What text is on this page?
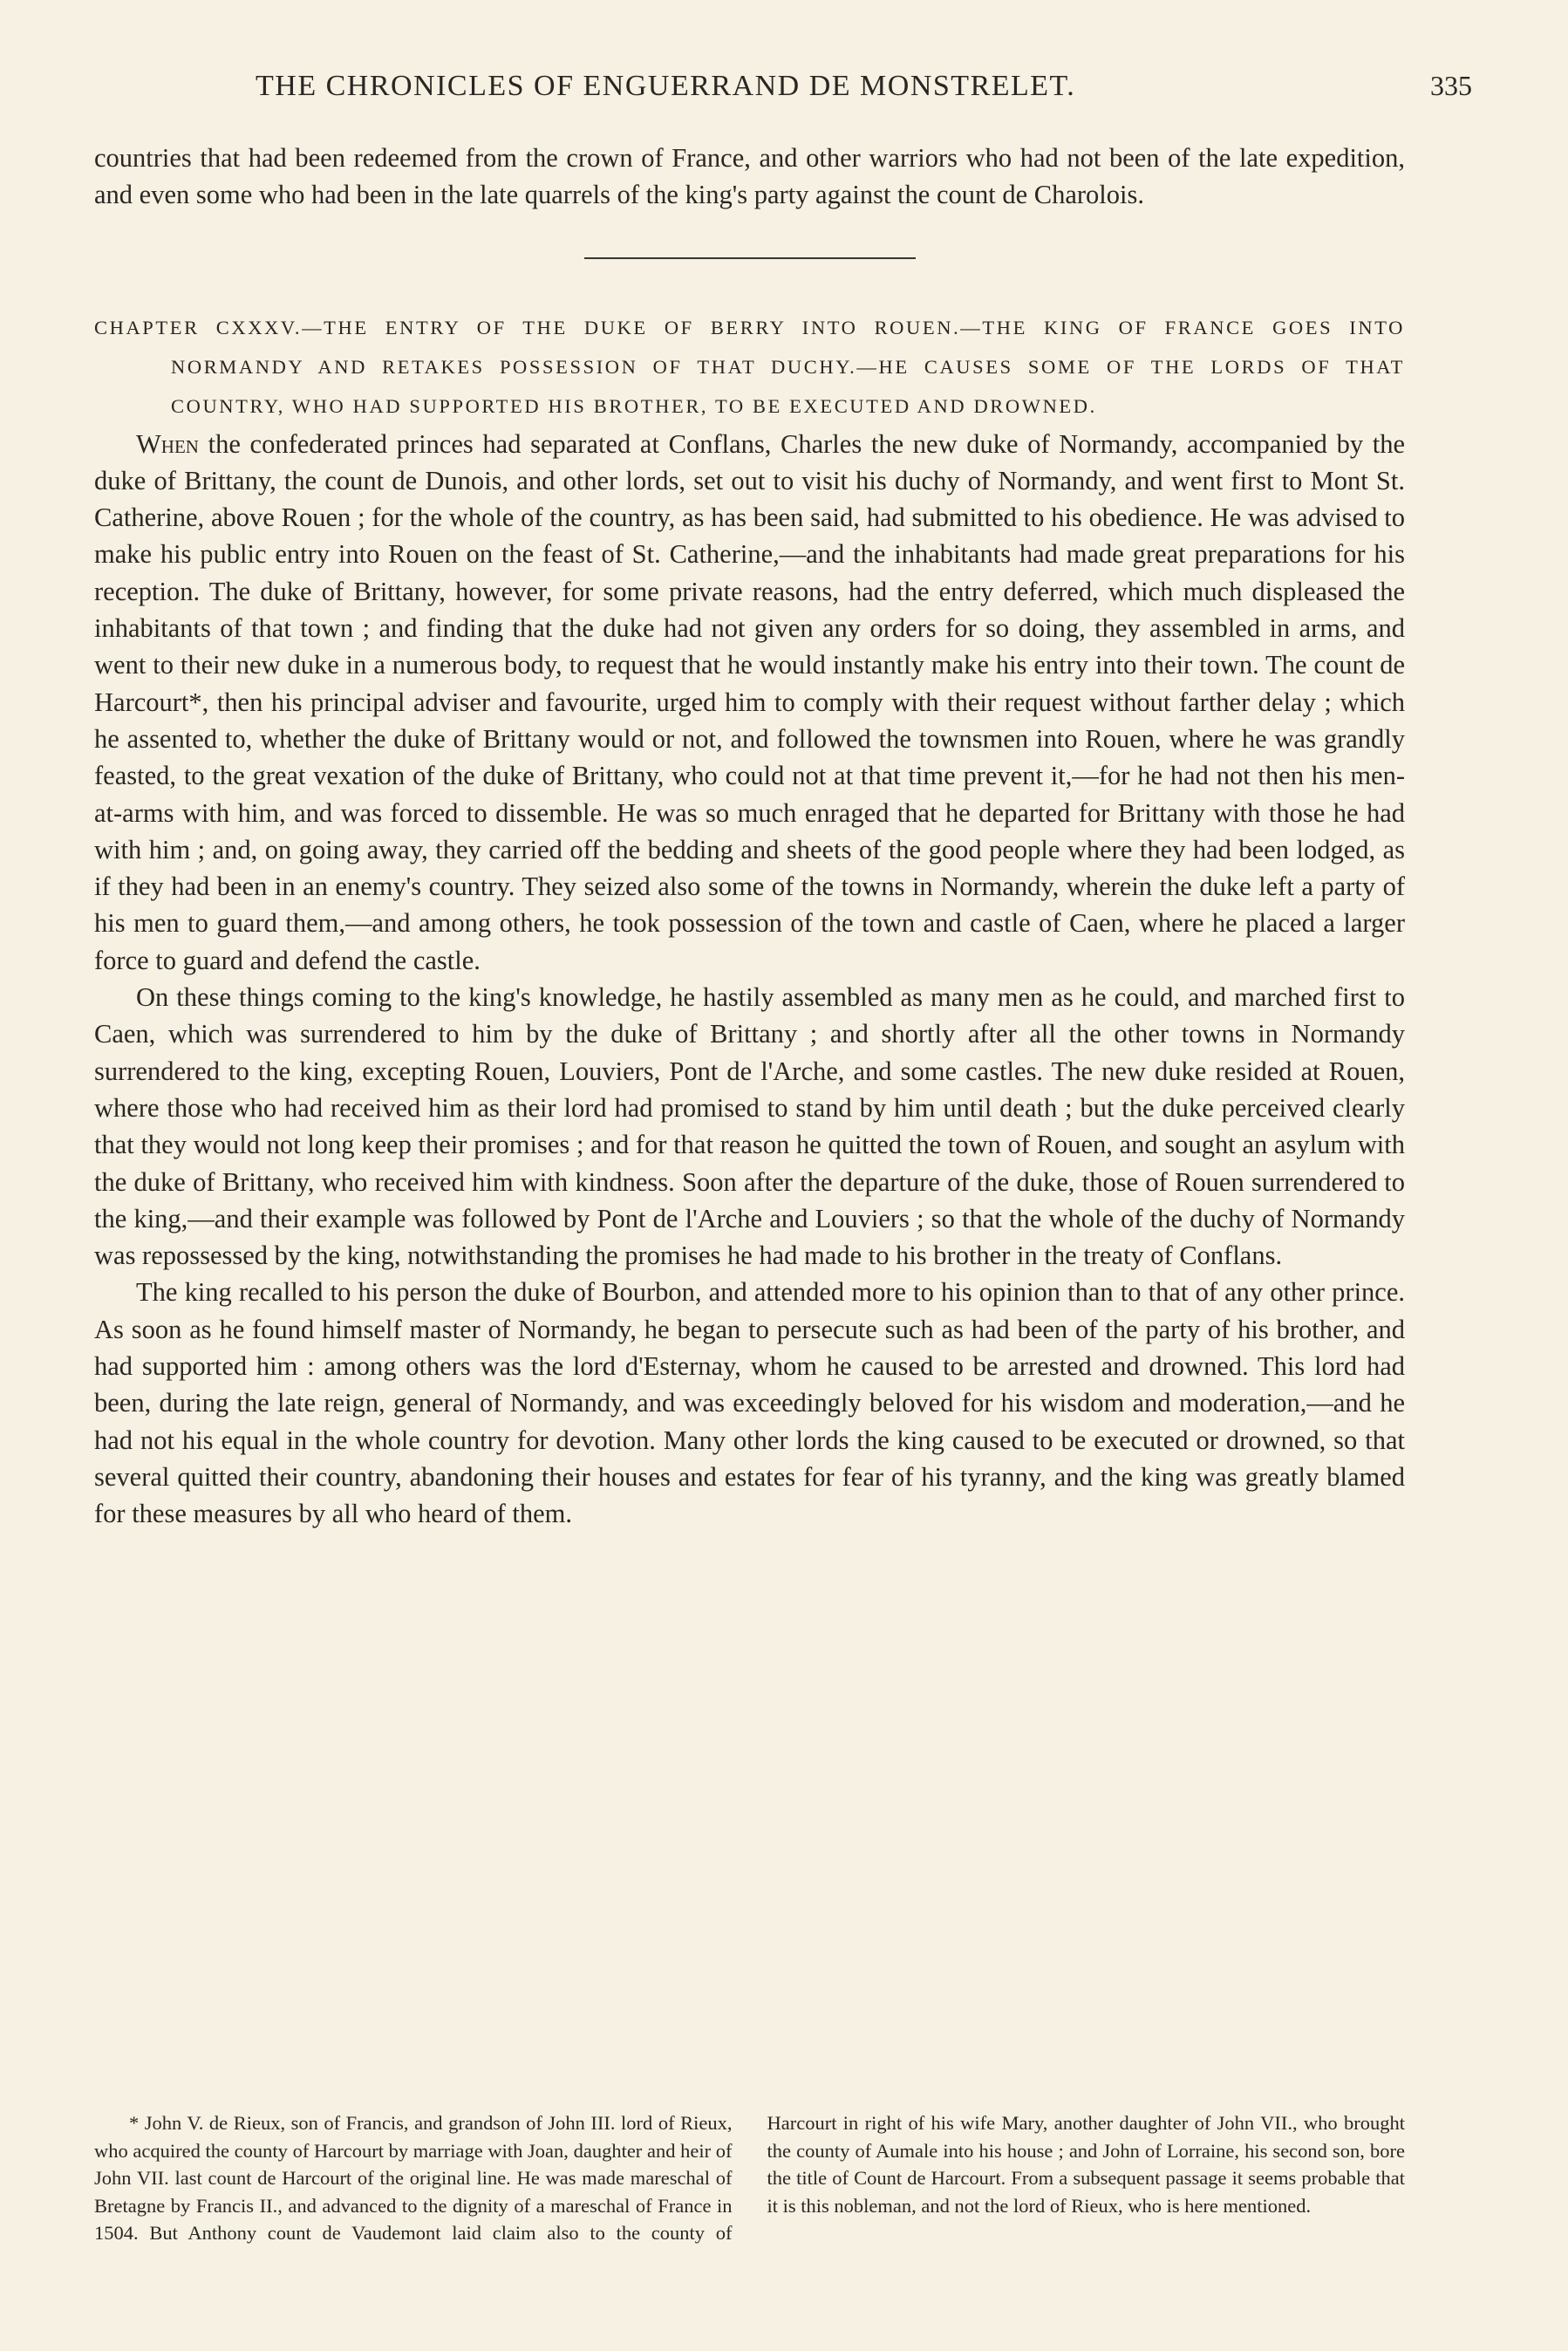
THE CHRONICLES OF ENGUERRAND DE MONSTRELET.	335

countries that had been redeemed from the crown of France, and other warriors who had not been of the late expedition, and even some who had been in the late quarrels of the king's party against the count de Charolois.

CHAPTER CXXXV.—THE ENTRY OF THE DUKE OF BERRY INTO ROUEN.—THE KING OF FRANCE GOES INTO NORMANDY AND RETAKES POSSESSION OF THAT DUCHY.—HE CAUSES SOME OF THE LORDS OF THAT COUNTRY, WHO HAD SUPPORTED HIS BROTHER, TO BE EXECUTED AND DROWNED.

When the confederated princes had separated at Conflans, Charles the new duke of Normandy, accompanied by the duke of Brittany, the count de Dunois, and other lords, set out to visit his duchy of Normandy, and went first to Mont St. Catherine, above Rouen ; for the whole of the country, as has been said, had submitted to his obedience. He was advised to make his public entry into Rouen on the feast of St. Catherine,—and the inhabitants had made great preparations for his reception. The duke of Brittany, however, for some private reasons, had the entry deferred, which much displeased the inhabitants of that town ; and finding that the duke had not given any orders for so doing, they assembled in arms, and went to their new duke in a numerous body, to request that he would instantly make his entry into their town. The count de Harcourt*, then his principal adviser and favourite, urged him to comply with their request without farther delay ; which he assented to, whether the duke of Brittany would or not, and followed the townsmen into Rouen, where he was grandly feasted, to the great vexation of the duke of Brittany, who could not at that time prevent it,—for he had not then his men-at-arms with him, and was forced to dissemble. He was so much enraged that he departed for Brittany with those he had with him ; and, on going away, they carried off the bedding and sheets of the good people where they had been lodged, as if they had been in an enemy's country. They seized also some of the towns in Normandy, wherein the duke left a party of his men to guard them,—and among others, he took possession of the town and castle of Caen, where he placed a larger force to guard and defend the castle.

On these things coming to the king's knowledge, he hastily assembled as many men as he could, and marched first to Caen, which was surrendered to him by the duke of Brittany ; and shortly after all the other towns in Normandy surrendered to the king, excepting Rouen, Louviers, Pont de l'Arche, and some castles. The new duke resided at Rouen, where those who had received him as their lord had promised to stand by him until death ; but the duke perceived clearly that they would not long keep their promises ; and for that reason he quitted the town of Rouen, and sought an asylum with the duke of Brittany, who received him with kindness. Soon after the departure of the duke, those of Rouen surrendered to the king,—and their example was followed by Pont de l'Arche and Louviers ; so that the whole of the duchy of Normandy was repossessed by the king, notwithstanding the promises he had made to his brother in the treaty of Conflans.

The king recalled to his person the duke of Bourbon, and attended more to his opinion than to that of any other prince. As soon as he found himself master of Normandy, he began to persecute such as had been of the party of his brother, and had supported him : among others was the lord d'Esternay, whom he caused to be arrested and drowned. This lord had been, during the late reign, general of Normandy, and was exceedingly beloved for his wisdom and moderation,—and he had not his equal in the whole country for devotion. Many other lords the king caused to be executed or drowned, so that several quitted their country, abandoning their houses and estates for fear of his tyranny, and the king was greatly blamed for these measures by all who heard of them.

* John V. de Rieux, son of Francis, and grandson of John III. lord of Rieux, who acquired the county of Harcourt by marriage with Joan, daughter and heir of John VII. last count de Harcourt of the original line. He was made mareschal of Bretagne by Francis II., and advanced to the dignity of a mareschal of France in 1504. But Anthony count de Vaudemont laid claim also to the county of Harcourt in right of his wife Mary, another daughter of John VII., who brought the county of Aumale into his house ; and John of Lorraine, his second son, bore the title of Count de Harcourt. From a subsequent passage it seems probable that it is this nobleman, and not the lord of Rieux, who is here mentioned.
